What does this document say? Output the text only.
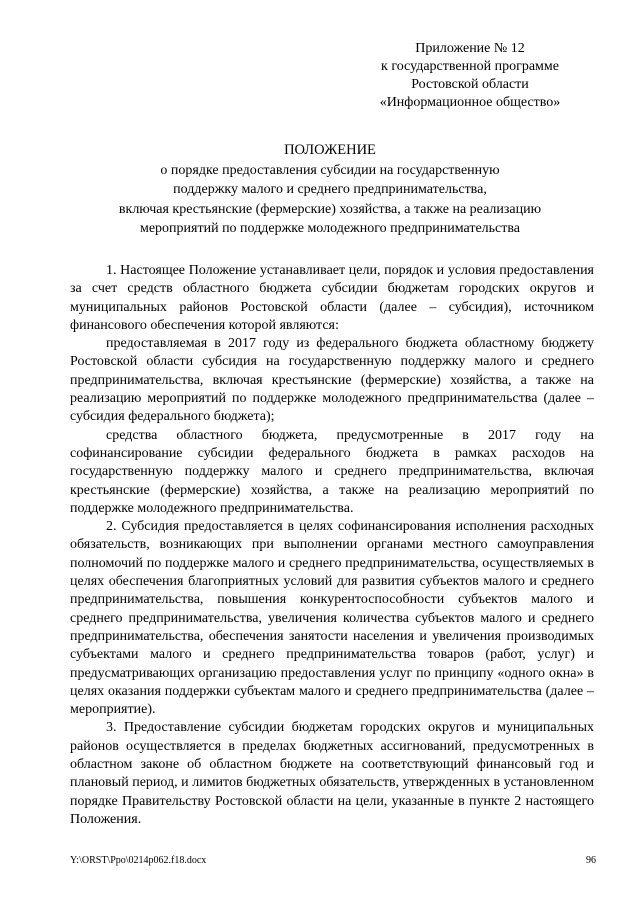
Приложение № 12
к государственной программе
Ростовской области
«Информационное общество»
ПОЛОЖЕНИЕ
о порядке предоставления субсидии на государственную
поддержку малого и среднего предпринимательства,
включая крестьянские (фермерские) хозяйства, а также на реализацию
мероприятий по поддержке молодежного предпринимательства

1. Настоящее Положение устанавливает цели, порядок и условия предоставления за счет средств областного бюджета субсидии бюджетам городских округов и муниципальных районов Ростовской области (далее – субсидия), источником финансового обеспечения которой являются:

предоставляемая в 2017 году из федерального бюджета областному бюджету Ростовской области субсидия на государственную поддержку малого и среднего предпринимательства, включая крестьянские (фермерские) хозяйства, а также на реализацию мероприятий по поддержке молодежного предпринимательства (далее – субсидия федерального бюджета);

средства областного бюджета, предусмотренные в 2017 году на софинансирование субсидии федерального бюджета в рамках расходов на государственную поддержку малого и среднего предпринимательства, включая крестьянские (фермерские) хозяйства, а также на реализацию мероприятий по поддержке молодежного предпринимательства.

2. Субсидия предоставляется в целях софинансирования исполнения расходных обязательств, возникающих при выполнении органами местного самоуправления полномочий по поддержке малого и среднего предпринимательства, осуществляемых в целях обеспечения благоприятных условий для развития субъектов малого и среднего предпринимательства, повышения конкурентоспособности субъектов малого и среднего предпринимательства, увеличения количества субъектов малого и среднего предпринимательства, обеспечения занятости населения и увеличения производимых субъектами малого и среднего предпринимательства товаров (работ, услуг) и предусматривающих организацию предоставления услуг по принципу «одного окна» в целях оказания поддержки субъектам малого и среднего предпринимательства (далее – мероприятие).

3. Предоставление субсидии бюджетам городских округов и муниципальных районов осуществляется в пределах бюджетных ассигнований, предусмотренных в областном законе об областном бюджете на соответствующий финансовый год и плановый период, и лимитов бюджетных обязательств, утвержденных в установленном порядке Правительству Ростовской области на цели, указанные в пункте 2 настоящего Положения.

Y:\ORST\Ppo\0214p062.f18.docx	96
